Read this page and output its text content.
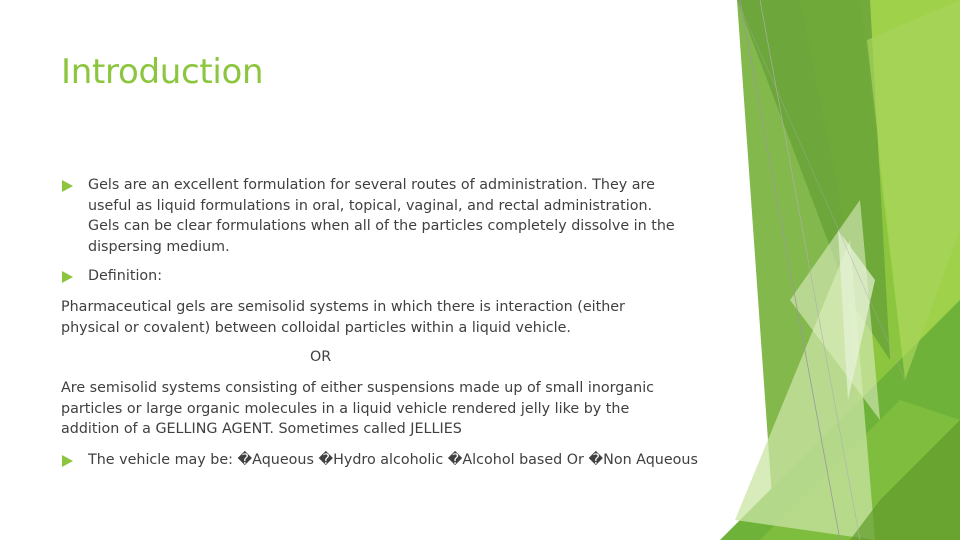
Introduction
Gels are an excellent formulation for several routes of administration. They are
useful as liquid formulations in oral, topical, vaginal, and rectal administration.
Gels can be clear formulations when all of the particles completely dissolve in the
dispersing medium.
Definition:
Pharmaceutical gels are semisolid systems in which there is interaction (either
physical or covalent) between colloidal particles within a liquid vehicle.
OR
Are semisolid systems consisting of either suspensions made up of small inorganic
particles or large organic molecules in a liquid vehicle rendered jelly like by the
addition of a GELLING AGENT. Sometimes called JELLIES
The vehicle may be: �Aqueous �Hydro alcoholic �Alcohol based Or �Non Aqueous
